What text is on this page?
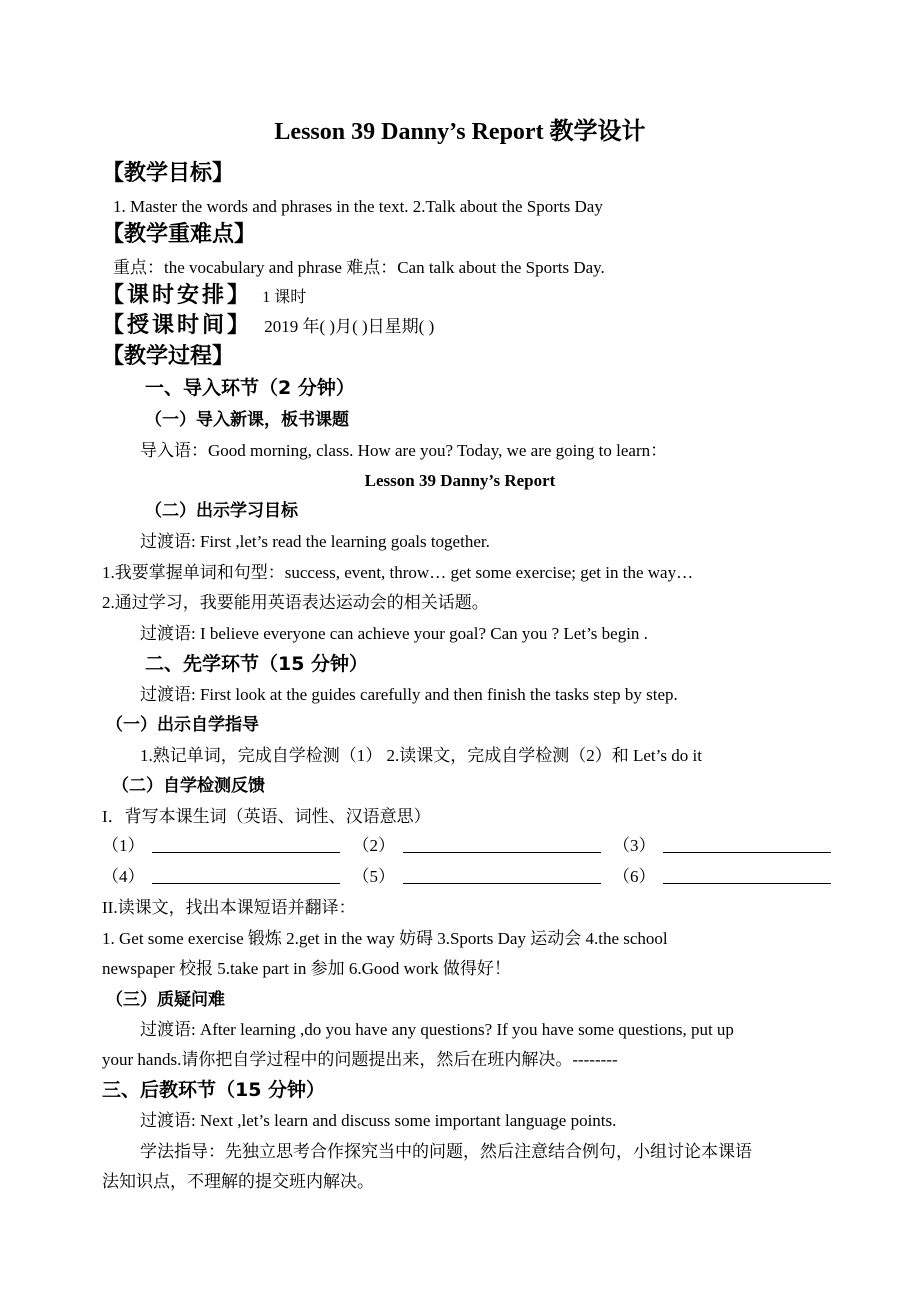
Lesson 39 Danny’s Report 教学设计
【教学目标】
1. Master the words and phrases in the text. 2.Talk about the Sports Day
【教学重难点】
重点：the vocabulary and phrase 难点：Can talk about the Sports Day.
【课时安排】 1 课时
【授课时间】 2019 年( )月( )日星期( )
【教学过程】
一、导入环节（2 分钟）
（一）导入新课，板书课题
导入语：Good morning, class. How are you? Today, we are going to learn：
Lesson 39 Danny’s Report
（二）出示学习目标
过渡语: First ,let’s read the learning goals together.
1.我要掌握单词和句型：success, event, throw… get some exercise; get in the way…
2.通过学习，我要能用英语表达运动会的相关话题。
过渡语: I believe everyone can achieve your goal? Can you ? Let’s begin .
二、先学环节（15 分钟）
过渡语: First look at the guides carefully and then finish the tasks step by step.
（一）出示自学指导
1.熟记单词，完成自学检测（1） 2.读课文，完成自学检测（2）和 Let’s do it
（二）自学检测反馈
I．背写本课生词（英语、词性、汉语意思）
（1）	（2）	（3）
（4）	（5）	（6）
II.读课文，找出本课短语并翻译：
1. Get some exercise 锻炼 2.get in the way 妨碍 3.Sports Day 运动会 4.the school
newspaper 校报 5.take part in 参加 6.Good work 做得好！
（三）质疑问难
过渡语: After learning ,do you have any questions? If you have some questions, put up
your hands.请你把自学过程中的问题提出来，然后在班内解决。--------
三、后教环节（15 分钟）
过渡语: Next ,let’s learn and discuss some important language points.
学法指导：先独立思考合作探究当中的问题，然后注意结合例句，小组讨论本课语
法知识点，不理解的提交班内解决。
